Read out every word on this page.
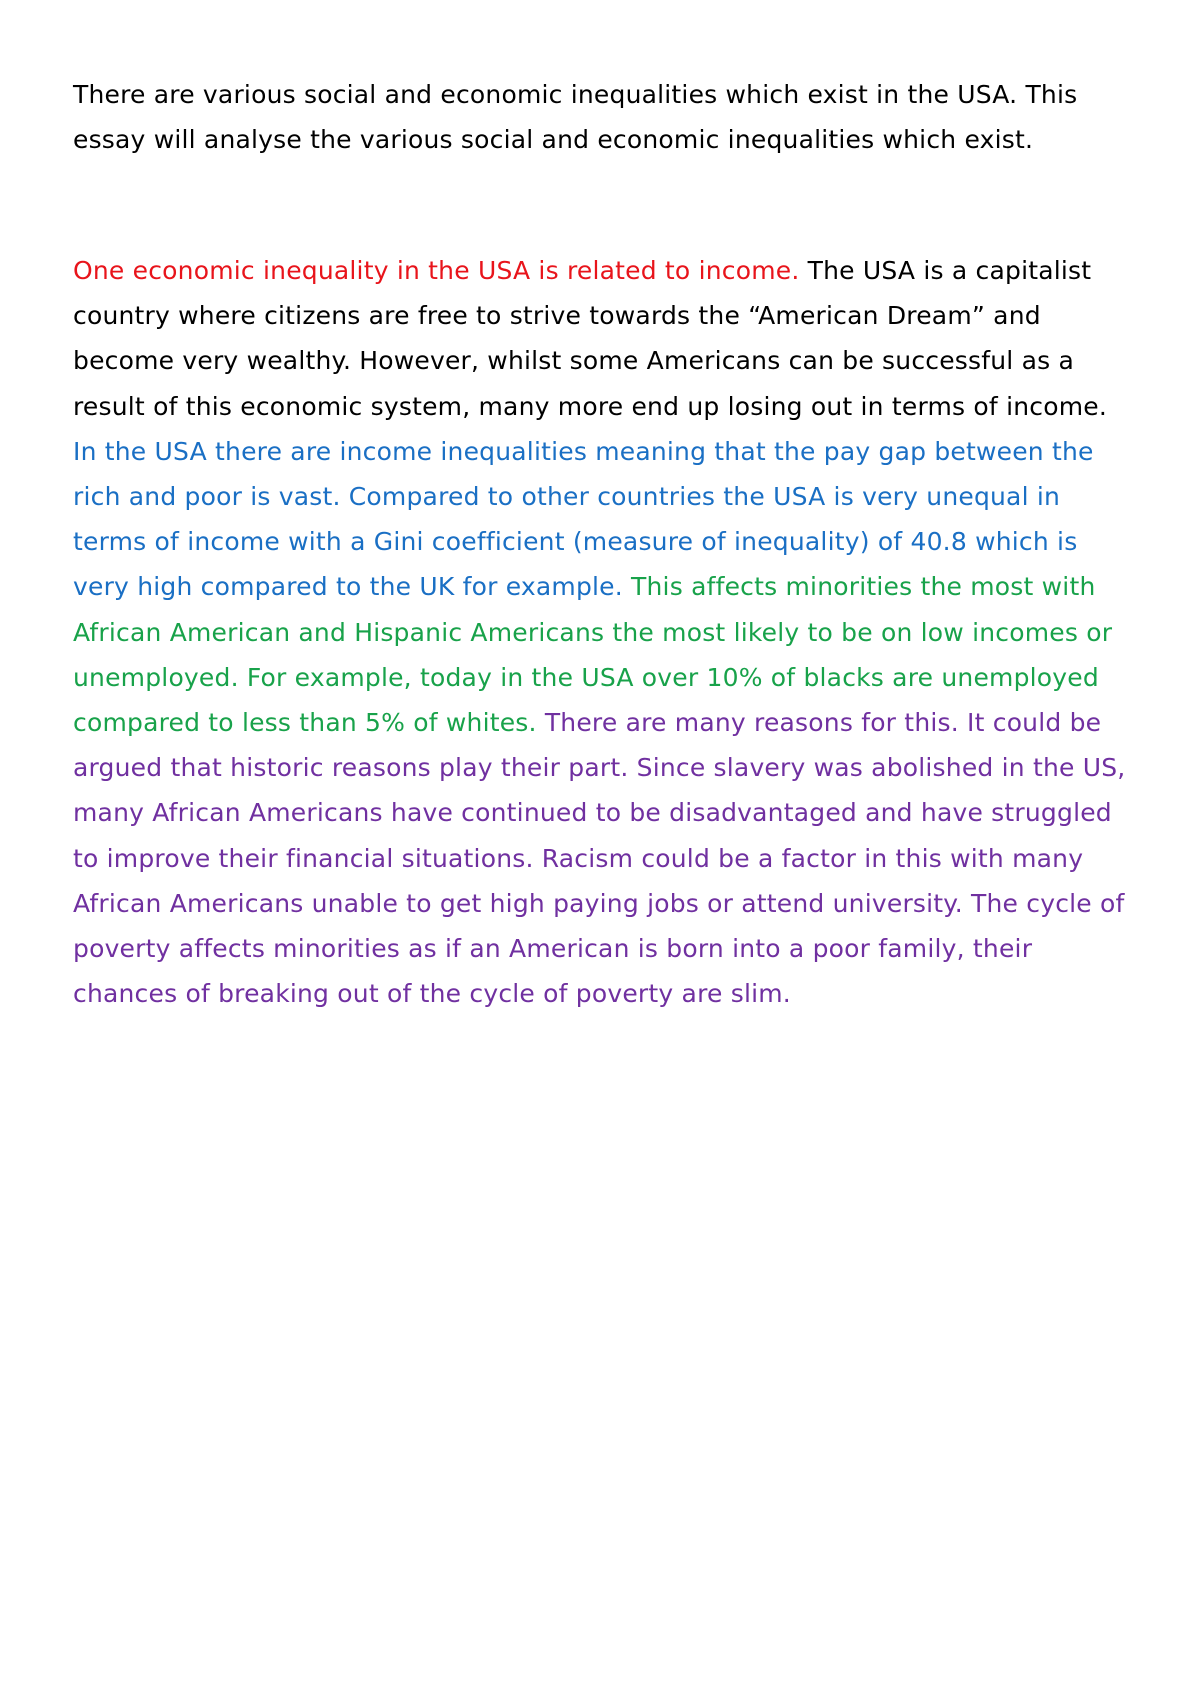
There are various social and economic inequalities which exist in the USA. This essay will analyse the various social and economic inequalities which exist.

One economic inequality in the USA is related to income. The USA is a capitalist country where citizens are free to strive towards the “American Dream” and become very wealthy. However, whilst some Americans can be successful as a result of this economic system, many more end up losing out in terms of income. In the USA there are income inequalities meaning that the pay gap between the rich and poor is vast. Compared to other countries the USA is very unequal in terms of income with a Gini coefficient (measure of inequality) of 40.8 which is very high compared to the UK for example. This affects minorities the most with African American and Hispanic Americans the most likely to be on low incomes or unemployed. For example, today in the USA over 10% of blacks are unemployed compared to less than 5% of whites. There are many reasons for this. It could be argued that historic reasons play their part. Since slavery was abolished in the US, many African Americans have continued to be disadvantaged and have struggled to improve their financial situations. Racism could be a factor in this with many African Americans unable to get high paying jobs or attend university. The cycle of poverty affects minorities as if an American is born into a poor family, their chances of breaking out of the cycle of poverty are slim.
